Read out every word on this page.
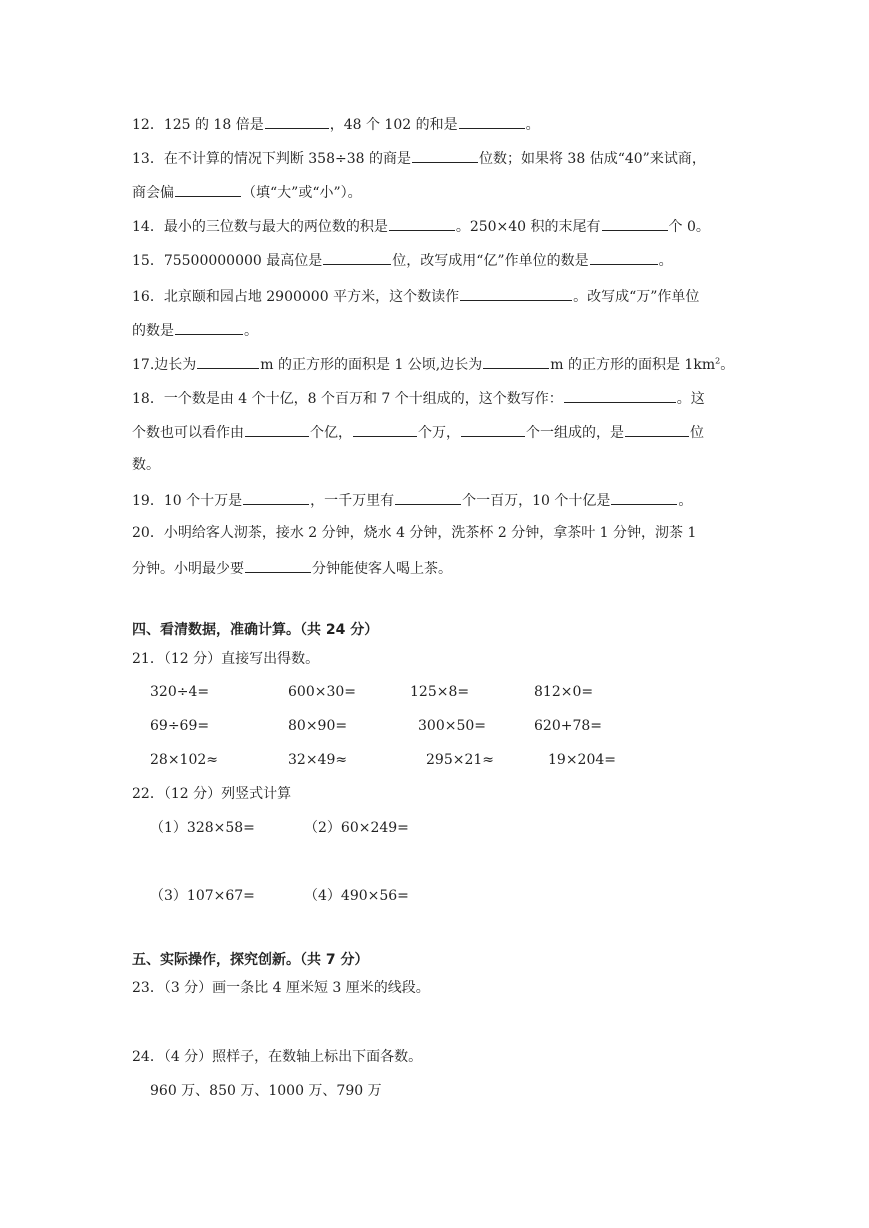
12．125 的 18 倍是	，48 个 102 的和是	。
13．在不计算的情况下判断 358÷38 的商是	位数；如果将 38 估成“40”来试商，
商会偏	（填“大”或“小”）。
14．最小的三位数与最大的两位数的积是	。250×40 积的末尾有	个 0。
15．75500000000 最高位是	位，改写成用“亿”作单位的数是	。
16．北京颐和园占地 2900000 平方米，这个数读作	。改写成“万”作单位
的数是	。
17.边长为	m 的正方形的面积是 1 公顷,边长为	m 的正方形的面积是 $1km^2$。
18．一个数是由 4 个十亿，8 个百万和 7 个十组成的，这个数写作：	。这
个数也可以看作由	个亿，	个万，	个一组成的，是	位
数。
19．10 个十万是	，一千万里有	个一百万，10 个十亿是	。
20．小明给客人沏茶，接水 2 分钟，烧水 4 分钟，洗茶杯 2 分钟，拿茶叶 1 分钟，沏茶 1
分钟。小明最少要	分钟能使客人喝上茶。
四、看清数据，准确计算。（共 24 分）
21．（12 分）直接写出得数。
320÷4=	600×30=	125×8=	812×0=
69÷69=	80×90=	300×50=	620+78=
28×102≈	32×49≈	295×21≈	19×204=
22．（12 分）列竖式计算
（1）328×58=	（2）60×249=
（3）107×67=	（4）490×56=
五、实际操作，探究创新。（共 7 分）
23．（3 分）画一条比 4 厘米短 3 厘米的线段。
24．（4 分）照样子，在数轴上标出下面各数。
960 万、850 万、1000 万、790 万
